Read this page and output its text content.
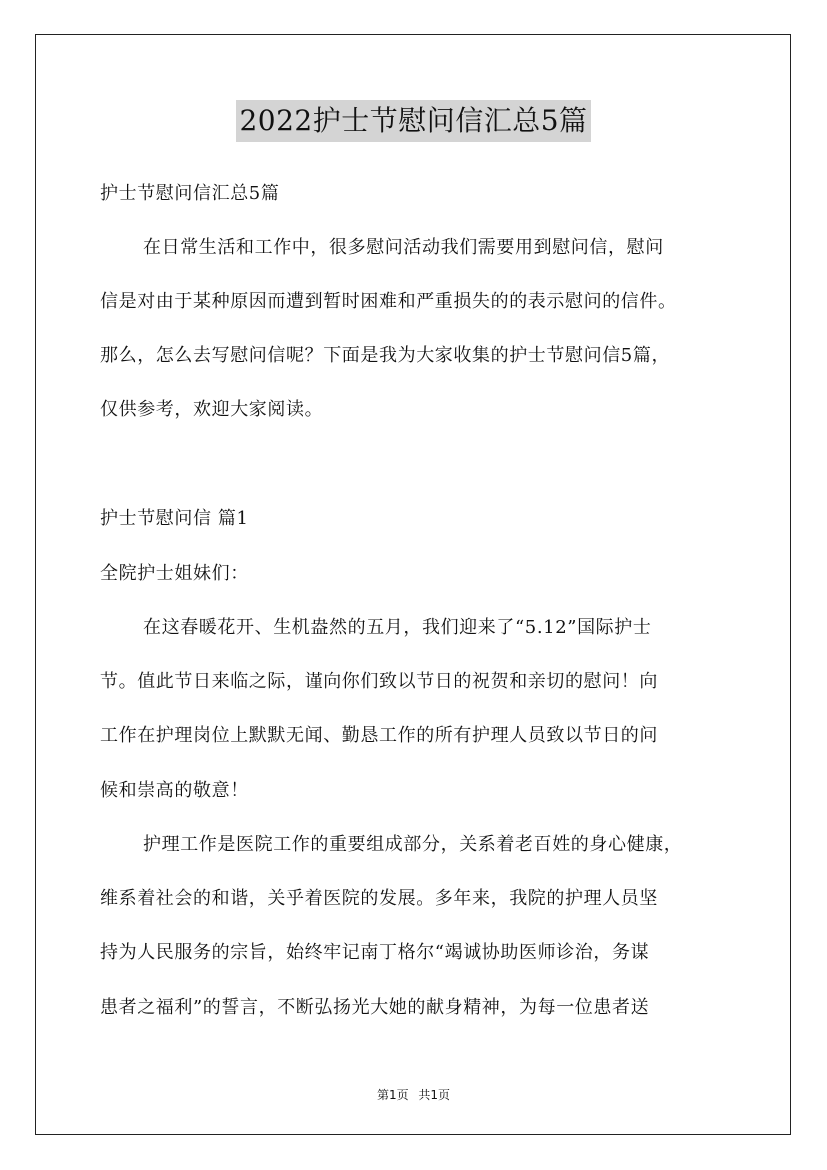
2022护士节慰问信汇总5篇
护士节慰问信汇总5篇
在日常生活和工作中，很多慰问活动我们需要用到慰问信，慰问
信是对由于某种原因而遭到暂时困难和严重损失的的表示慰问的信件。
那么，怎么去写慰问信呢？下面是我为大家收集的护士节慰问信5篇，
仅供参考，欢迎大家阅读。
护士节慰问信 篇1
全院护士姐妹们：
在这春暖花开、生机盎然的五月，我们迎来了“5.12”国际护士
节。值此节日来临之际，谨向你们致以节日的祝贺和亲切的慰问！向
工作在护理岗位上默默无闻、勤恳工作的所有护理人员致以节日的问
候和崇高的敬意！
护理工作是医院工作的重要组成部分，关系着老百姓的身心健康，
维系着社会的和谐，关乎着医院的发展。多年来，我院的护理人员坚
持为人民服务的宗旨，始终牢记南丁格尔“竭诚协助医师诊治，务谋
患者之福利”的誓言，不断弘扬光大她的献身精神，为每一位患者送
第1页 共1页
